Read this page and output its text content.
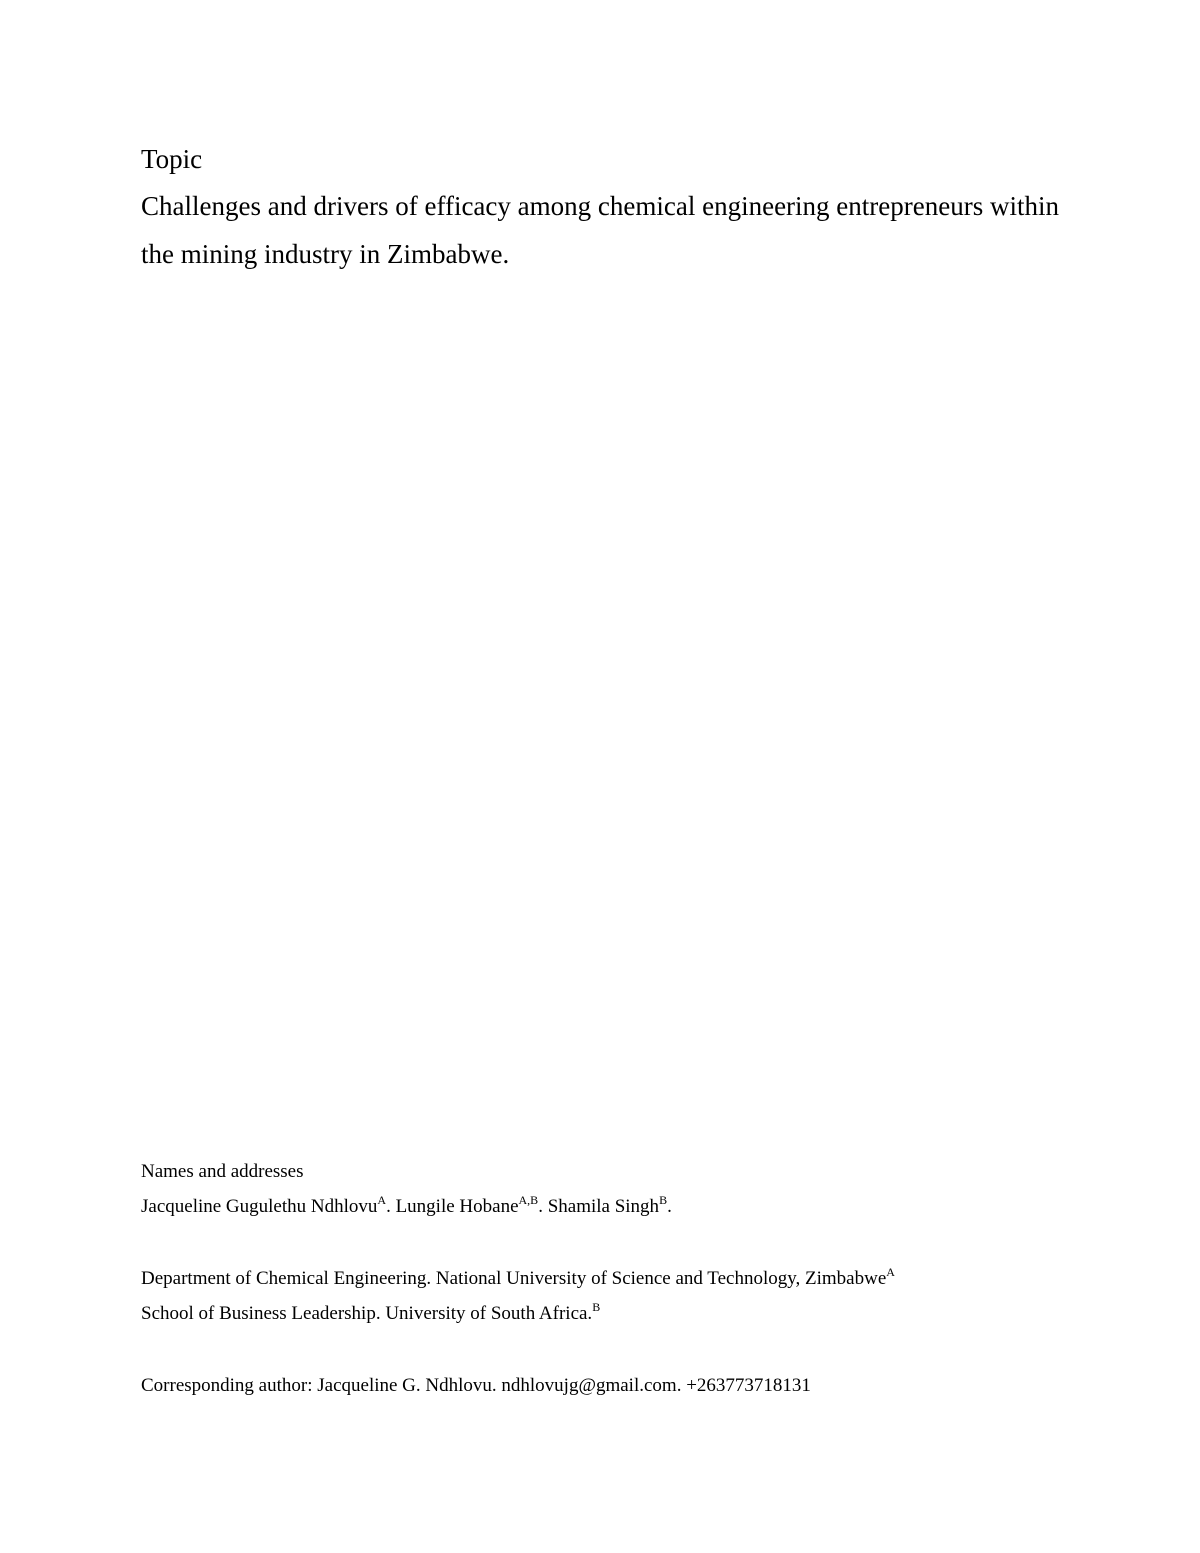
Topic

Challenges and drivers of efficacy among chemical engineering entrepreneurs within the mining industry in Zimbabwe.

Names and addresses

Jacqueline Gugulethu Ndhlovu$^A$. Lungile Hobane$^{A,B}$. Shamila Singh$^B$.

Department of Chemical Engineering. National University of Science and Technology, Zimbabwe$^A$

School of Business Leadership. University of South Africa.$^B$

Corresponding author: Jacqueline G. Ndhlovu. ndhlovujg@gmail.com. +263773718131
